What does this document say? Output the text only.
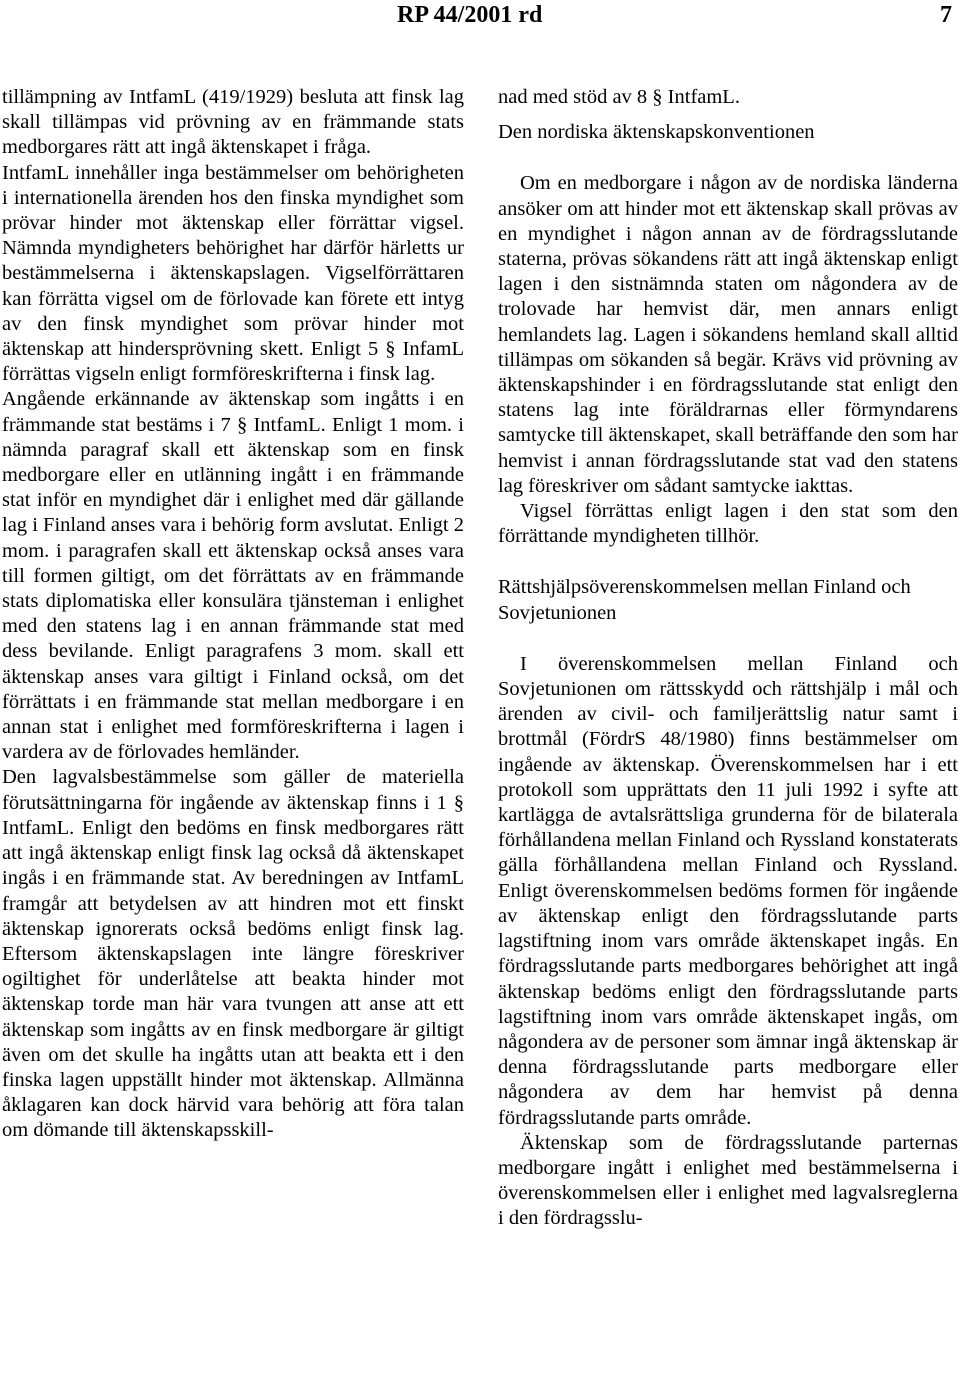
RP 44/2001 rd	7

tillämpning av IntfamL (419/1929) besluta att finsk lag skall tillämpas vid prövning av en främmande stats medborgares rätt att ingå äktenskapet i fråga.

IntfamL innehåller inga bestämmelser om behörigheten i internationella ärenden hos den finska myndighet som prövar hinder mot äktenskap eller förrättar vigsel. Nämnda myndigheters behörighet har därför härletts ur bestämmelserna i äktenskapslagen. Vigselförrättaren kan förrätta vigsel om de förlovade kan förete ett intyg av den finsk myndighet som prövar hinder mot äktenskap att hindersprövning skett. Enligt 5 § InfamL förrättas vigseln enligt formföreskrifterna i finsk lag.

Angående erkännande av äktenskap som ingåtts i en främmande stat bestäms i 7 § IntfamL. Enligt 1 mom. i nämnda paragraf skall ett äktenskap som en finsk medborgare eller en utlänning ingått i en främmande stat inför en myndighet där i enlighet med där gällande lag i Finland anses vara i behörig form avslutat. Enligt 2 mom. i paragrafen skall ett äktenskap också anses vara till formen giltigt, om det förrättats av en främmande stats diplomatiska eller konsulära tjänsteman i enlighet med den statens lag i en annan främmande stat med dess bevilande. Enligt paragrafens 3 mom. skall ett äktenskap anses vara giltigt i Finland också, om det förrättats i en främmande stat mellan medborgare i en annan stat i enlighet med formföreskrifterna i lagen i vardera av de förlovades hemländer.

Den lagvalsbestämmelse som gäller de materiella förutsättningarna för ingående av äktenskap finns i 1 § IntfamL. Enligt den bedöms en finsk medborgares rätt att ingå äktenskap enligt finsk lag också då äktenskapet ingås i en främmande stat. Av beredningen av IntfamL framgår att betydelsen av att hindren mot ett finskt äktenskap ignorerats också bedöms enligt finsk lag. Eftersom äktenskapslagen inte längre föreskriver ogiltighet för underlåtelse att beakta hinder mot äktenskap torde man här vara tvungen att anse att ett äktenskap som ingåtts av en finsk medborgare är giltigt även om det skulle ha ingåtts utan att beakta ett i den finska lagen uppställt hinder mot äktenskap. Allmänna åklagaren kan dock härvid vara behörig att föra talan om dömande till äktenskapsskill-

nad med stöd av 8 § IntfamL.

Den nordiska äktenskapskonventionen

Om en medborgare i någon av de nordiska länderna ansöker om att hinder mot ett äktenskap skall prövas av en myndighet i någon annan av de fördragsslutande staterna, prövas sökandens rätt att ingå äktenskap enligt lagen i den sistnämnda staten om någondera av de trolovade har hemvist där, men annars enligt hemlandets lag. Lagen i sökandens hemland skall alltid tillämpas om sökanden så begär. Krävs vid prövning av äktenskapshinder i en fördragsslutande stat enligt den statens lag inte föräldrarnas eller förmyndarens samtycke till äktenskapet, skall beträffande den som har hemvist i annan fördragsslutande stat vad den statens lag föreskriver om sådant samtycke iakttas.

Vigsel förrättas enligt lagen i den stat som den förrättande myndigheten tillhör.

Rättshjälpsöverenskommelsen mellan Finland och Sovjetunionen

I överenskommelsen mellan Finland och Sovjetunionen om rättsskydd och rättshjälp i mål och ärenden av civil- och familjerättslig natur samt i brottmål (FördrS 48/1980) finns bestämmelser om ingående av äktenskap. Överenskommelsen har i ett protokoll som upprättats den 11 juli 1992 i syfte att kartlägga de avtalsrättsliga grunderna för de bilaterala förhållandena mellan Finland och Ryssland konstaterats gälla förhållandena mellan Finland och Ryssland. Enligt överenskommelsen bedöms formen för ingående av äktenskap enligt den fördragsslutande parts lagstiftning inom vars område äktenskapet ingås. En fördragsslutande parts medborgares behörighet att ingå äktenskap bedöms enligt den fördragsslutande parts lagstiftning inom vars område äktenskapet ingås, om någondera av de personer som ämnar ingå äktenskap är denna fördragsslutande parts medborgare eller någondera av dem har hemvist på denna fördragsslutande parts område.

Äktenskap som de fördragsslutande parternas medborgare ingått i enlighet med bestämmelserna i överenskommelsen eller i enlighet med lagvalsreglerna i den fördragsslu-
